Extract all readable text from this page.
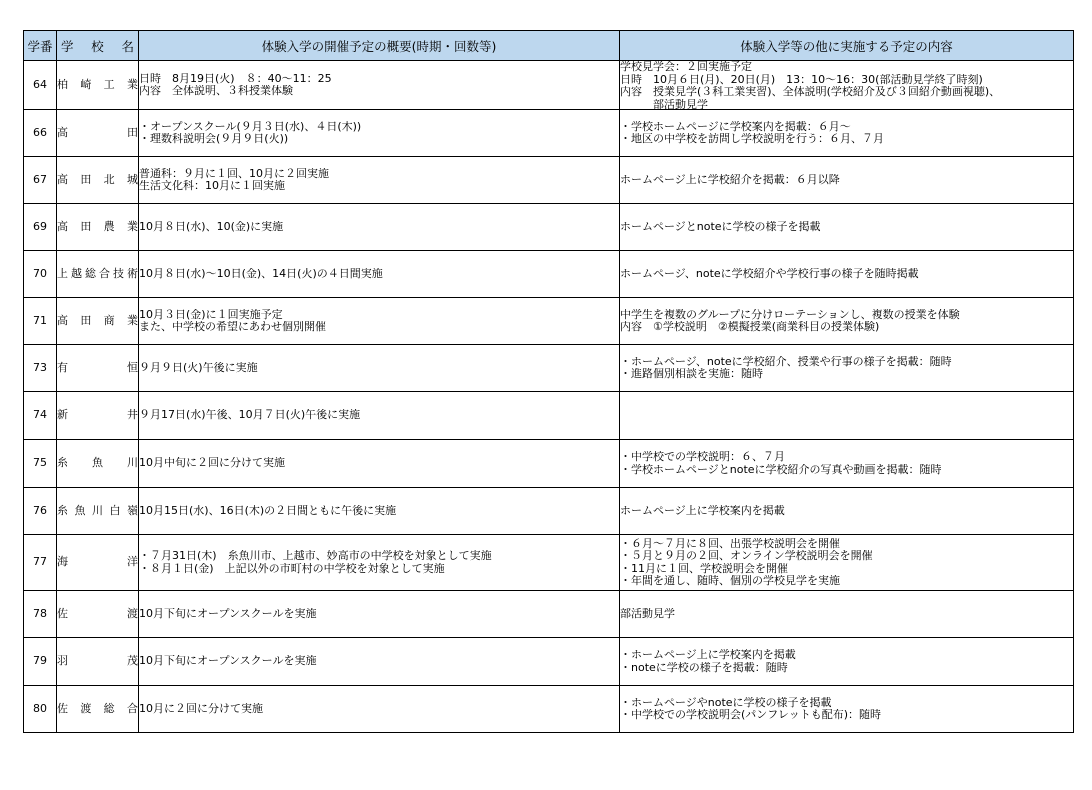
学番	学　校　名	体験入学の開催予定の概要(時期・回数等)	体験入学等の他に実施する予定の内容
64	柏崎工業	日時　8月19日(火)　８：40～11：25
内容　全体説明、３科授業体験	学校見学会：２回実施予定
日時　10月６日(月)、20日(月)　13：10～16：30(部活動見学終了時刻)
内容　授業見学(３科工業実習)、全体説明(学校紹介及び３回紹介動画視聴)、
　　　部活動見学

66	高田	・オープンスクール(９月３日(水)、４日(木))
・理数科説明会(９月９日(火))	・学校ホームページに学校案内を掲載：６月～
・地区の中学校を訪問し学校説明を行う：６月、７月

67	高田北城	普通科：９月に１回、10月に２回実施
生活文化科：10月に１回実施	ホームページ上に学校紹介を掲載：６月以降

69	高田農業	10月８日(水)、10(金)に実施	ホームページとnoteに学校の様子を掲載

70	上越総合技術	10月８日(水)～10日(金)、14日(火)の４日間実施	ホームページ、noteに学校紹介や学校行事の様子を随時掲載

71	高田商業	10月３日(金)に１回実施予定
また、中学校の希望にあわせ個別開催	中学生を複数のグループに分けローテーションし、複数の授業を体験
内容　①学校説明　②模擬授業(商業科目の授業体験)

73	有恒	９月９日(火)午後に実施	・ホームページ、noteに学校紹介、授業や行事の様子を掲載：随時
・進路個別相談を実施：随時

74	新井	９月17日(水)午後、10月７日(火)午後に実施	

75	糸魚川	10月中旬に２回に分けて実施	・中学校での学校説明：６、７月
・学校ホームページとnoteに学校紹介の写真や動画を掲載：随時

76	糸魚川白嶺	10月15日(水)、16日(木)の２日間ともに午後に実施	ホームページ上に学校案内を掲載

77	海洋	・７月31日(木)　糸魚川市、上越市、妙高市の中学校を対象として実施
・８月１日(金)　上記以外の市町村の中学校を対象として実施	・６月～７月に８回、出張学校説明会を開催
・５月と９月の２回、オンライン学校説明会を開催
・11月に１回、学校説明会を開催
・年間を通し、随時、個別の学校見学を実施

78	佐渡	10月下旬にオープンスクールを実施	部活動見学

79	羽茂	10月下旬にオープンスクールを実施	・ホームページ上に学校案内を掲載
・noteに学校の様子を掲載：随時

80	佐渡総合	10月に２回に分けて実施	・ホームページやnoteに学校の様子を掲載
・中学校での学校説明会(パンフレットも配布)：随時
